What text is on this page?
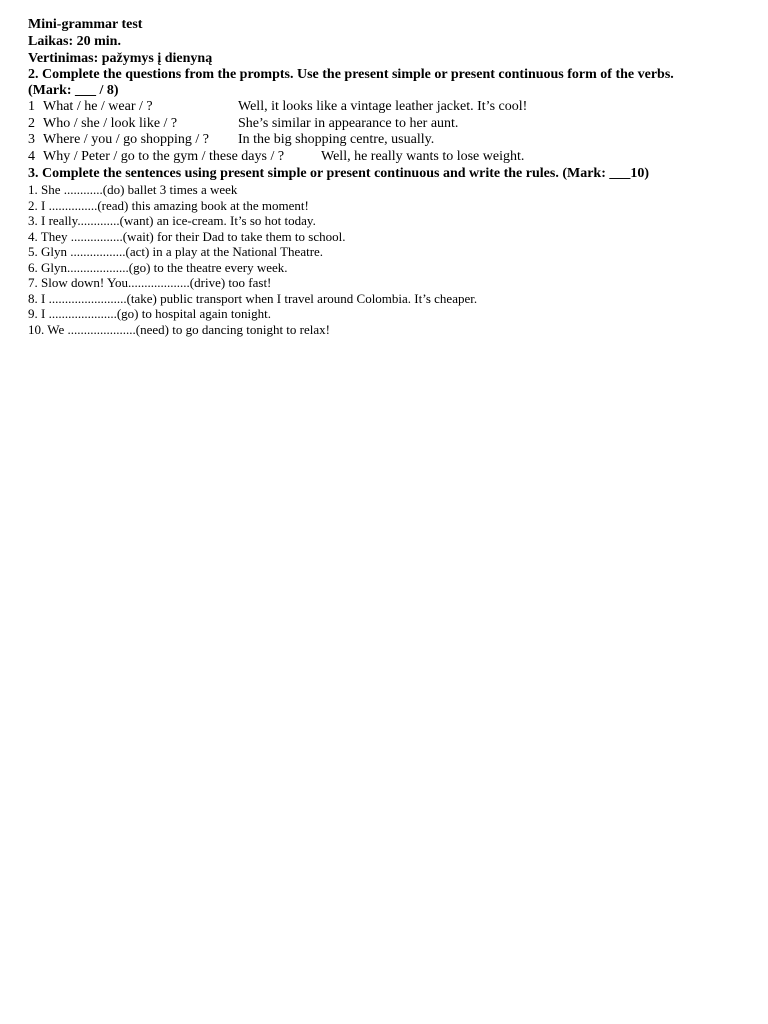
Mini-grammar test
Laikas: 20 min.
Vertinimas: pažymys į dienyną
2. Complete the questions from the prompts. Use the present simple or present continuous form of the verbs.
(Mark: ___ / 8)
1 What / he / wear / ?	Well, it looks like a vintage leather jacket. It’s cool!
2 Who / she / look like / ?	She’s similar in appearance to her aunt.
3 Where / you / go shopping / ? In the big shopping centre, usually.
4 Why / Peter / go to the gym / these days / ?	Well, he really wants to lose weight.
3. Complete the sentences using present simple or present continuous and write the rules. (Mark: ___10)
1. She ............(do) ballet 3 times a week
2. I ...............(read) this amazing book at the moment!
3. I really.............(want) an ice-cream. It’s so hot today.
4. They ................(wait) for their Dad to take them to school.
5. Glyn .................(act) in a play at the National Theatre.
6. Glyn...................(go) to the theatre every week.
7. Slow down! You...................(drive) too fast!
8. I ........................(take) public transport when I travel around Colombia. It’s cheaper.
9. I .....................(go) to hospital again tonight.
10. We .....................(need) to go dancing tonight to relax!
